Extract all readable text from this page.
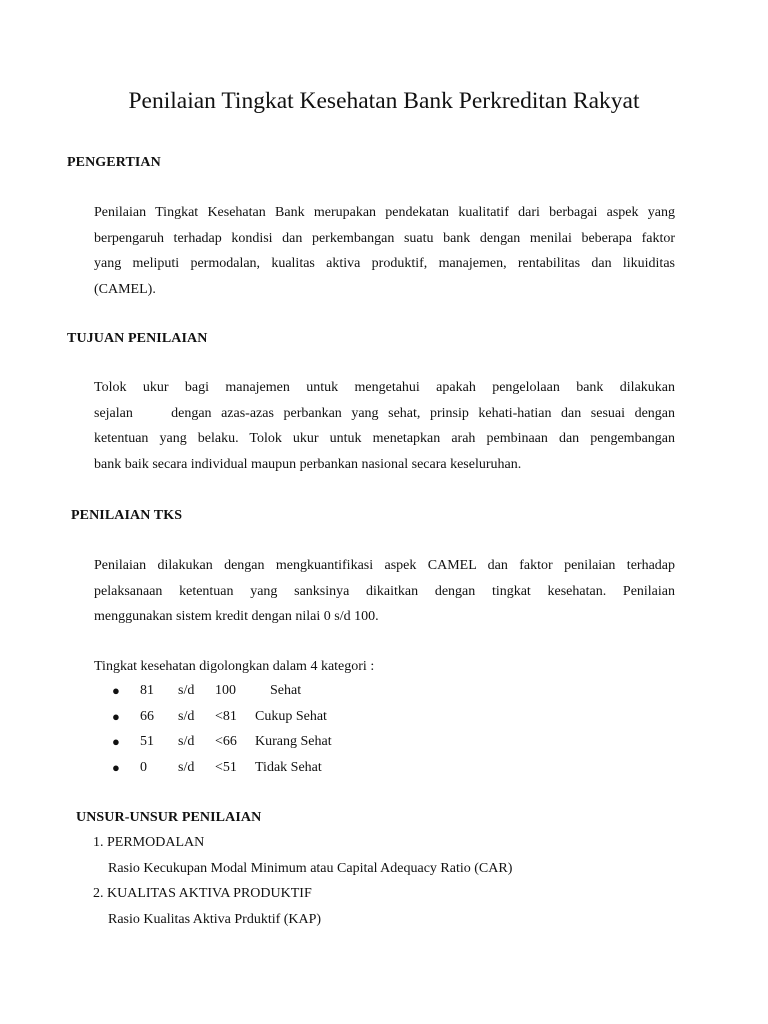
Penilaian Tingkat Kesehatan Bank Perkreditan Rakyat
PENGERTIAN
Penilaian Tingkat Kesehatan Bank merupakan pendekatan kualitatif dari berbagai aspek yang
berpengaruh terhadap kondisi dan perkembangan suatu bank dengan menilai beberapa faktor
yang meliputi permodalan, kualitas aktiva produktif, manajemen, rentabilitas dan likuiditas
(CAMEL).
TUJUAN PENILAIAN
Tolok ukur bagi manajemen untuk mengetahui apakah pengelolaan bank dilakukan
sejalan    dengan azas-azas perbankan yang sehat, prinsip kehati-hatian dan sesuai dengan
ketentuan yang belaku. Tolok ukur untuk menetapkan arah pembinaan dan pengembangan
bank baik secara individual maupun perbankan nasional secara keseluruhan.
PENILAIAN TKS
Penilaian dilakukan dengan mengkuantifikasi aspek CAMEL dan faktor penilaian terhadap
pelaksanaan ketentuan yang sanksinya dikaitkan dengan tingkat kesehatan. Penilaian
menggunakan sistem kredit dengan nilai 0 s/d 100.

Tingkat kesehatan digolongkan dalam 4 kategori :

● 81 s/d 100 Sehat
● 66 s/d <81 Cukup Sehat
● 51 s/d <66 Kurang Sehat
● 0 s/d <51 Tidak Sehat
UNSUR-UNSUR PENILAIAN

1. PERMODALAN

Rasio Kecukupan Modal Minimum atau Capital Adequacy Ratio (CAR)

2. KUALITAS AKTIVA PRODUKTIF

Rasio Kualitas Aktiva Prduktif (KAP)
